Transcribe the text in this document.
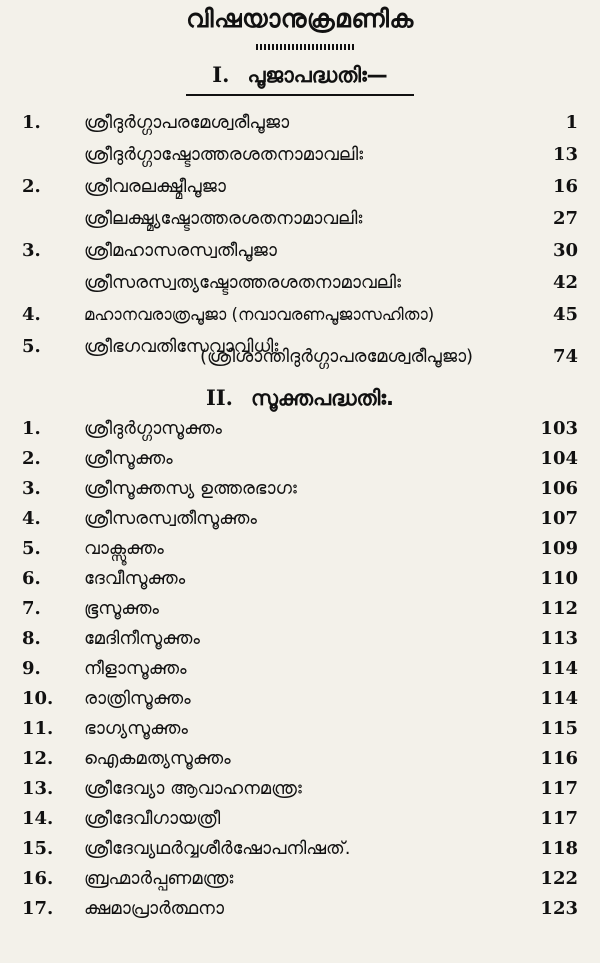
വിഷയാനുക്രമണിക
I. പൂജാപദ്ധതിഃ—
1.	ശ്രീദുർഗ്ഗാപരമേശ്വരീപൂജാ	1
ശ്രീദുർഗ്ഗാഷ്ടോത്തരശതനാമാവലിഃ	13
2.	ശ്രീവരലക്ഷ്മീപൂജാ	16
ശ്രീലക്ഷ്മ്യഷ്ടോത്തരശതനാമാവലിഃ	27
3.	ശ്രീമഹാസരസ്വതീപൂജാ	30
ശ്രീസരസ്വത്യഷ്ടോത്തരശതനാമാവലിഃ	42
4.	മഹാനവരാത്രപൂജാ (നവാവരണപൂജാസഹിതാ)	45
5.	ശ്രീഭഗവതിസേവാവിധിഃ
(ശ്രീശാന്തിദുർഗ്ഗാപരമേശ്വരീപൂജാ)	74
II. സൂക്തപദ്ധതിഃ.
1.	ശ്രീദുർഗ്ഗാസൂക്തം	103
2.	ശ്രീസൂക്തം	104
3.	ശ്രീസൂക്തസ്യ ഉത്തരഭാഗഃ	106
4.	ശ്രീസരസ്വതീസൂക്തം	107
5.	വാക്സൂക്തം	109
6.	ദേവീസൂക്തം	110
7.	ഭൂസൂക്തം	112
8.	മേദിനീസൂക്തം	113
9.	നീളാസൂക്തം	114
10.	രാത്രിസൂക്തം	114
11.	ഭാഗ്യസൂക്തം	115
12.	ഐകമത്യസൂക്തം	116
13.	ശ്രീദേവ്യാ ആവാഹനമന്ത്രഃ	117
14.	ശ്രീദേവീഗായത്രീ	117
15.	ശ്രീദേവ്യഥർവ്വശീർഷോപനിഷത്.	118
16.	ബ്രഹ്മാർപ്പണമന്ത്രഃ	122
17.	ക്ഷമാപ്രാർത്ഥനാ	123
